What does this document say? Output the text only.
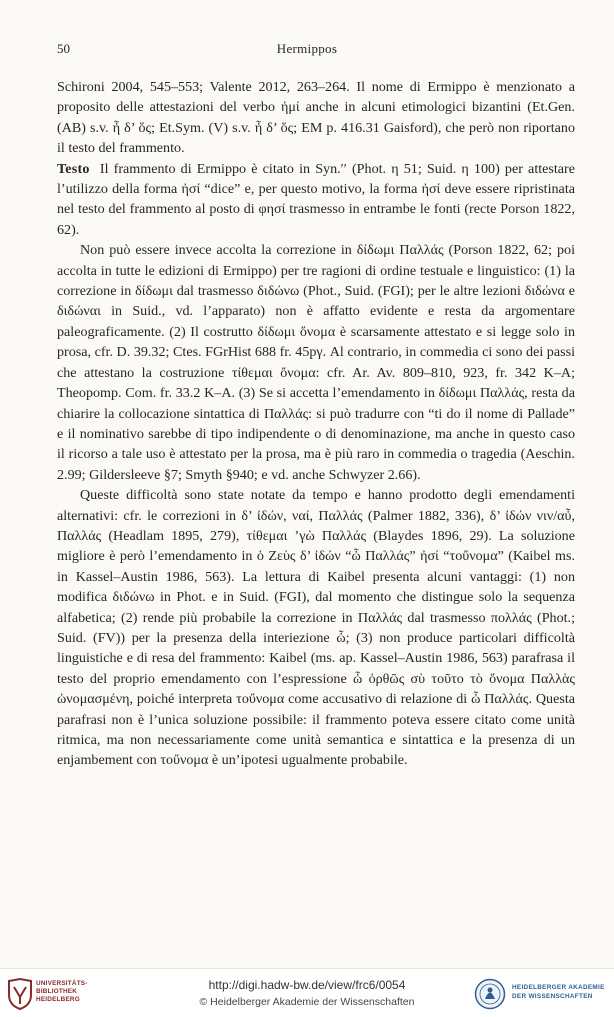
50	Hermippos

Schironi 2004, 545–553; Valente 2012, 263–264. Il nome di Ermippo è menzionato a proposito delle attestazioni del verbo ἠμί anche in alcuni etimologici bizantini (Et.Gen. (AB) s.v. ἦ δ’ ὅς; Et.Sym. (V) s.v. ἦ δ’ ὅς; EM p. 416.31 Gaisford), che però non riportano il testo del frammento.

Testo Il frammento di Ermippo è citato in Syn.′′ (Phot. η 51; Suid. η 100) per attestare l’utilizzo della forma ἠσί “dice” e, per questo motivo, la forma ἠσί deve essere ripristinata nel testo del frammento al posto di φησί trasmesso in entrambe le fonti (recte Porson 1822, 62).

Non può essere invece accolta la correzione in δίδωμι Παλλάς (Porson 1822, 62; poi accolta in tutte le edizioni di Ermippo) per tre ragioni di ordine testuale e linguistico: (1) la correzione in δίδωμι dal trasmesso διδώνω (Phot., Suid. (FGI); per le altre lezioni διδώνα e διδώναι in Suid., vd. l’apparato) non è affatto evidente e resta da argomentare paleograficamente. (2) Il costrutto δίδωμι ὄνομα è scarsamente attestato e si legge solo in prosa, cfr. D. 39.32; Ctes. FGrHist 688 fr. 45pγ. Al contrario, in commedia ci sono dei passi che attestano la costruzione τίθεμαι ὄνομα: cfr. Ar. Av. 809–810, 923, fr. 342 K–A; Theopomp. Com. fr. 33.2 K–A. (3) Se si accetta l’emendamento in δίδωμι Παλλάς, resta da chiarire la collocazione sintattica di Παλλάς: si può tradurre con “ti do il nome di Pallade” e il nominativo sarebbe di tipo indipendente o di denominazione, ma anche in questo caso il ricorso a tale uso è attestato per la prosa, ma è più raro in commedia o tragedia (Aeschin. 2.99; Gildersleeve §7; Smyth §940; e vd. anche Schwyzer 2.66).

Queste difficoltà sono state notate da tempo e hanno prodotto degli emendamenti alternativi: cfr. le correzioni in δ’ ἰδών, ναί, Παλλάς (Palmer 1882, 336), δ’ ἰδών νιν/αὖ, Παλλάς (Headlam 1895, 279), τίθεμαι ’γὼ Παλλάς (Blaydes 1896, 29). La soluzione migliore è però l’emendamento in ὁ Ζεὺς δ’ ἰδών “ὦ Παλλάς” ἠσί “τοὔνομα” (Kaibel ms. in Kassel–Austin 1986, 563). La lettura di Kaibel presenta alcuni vantaggi: (1) non modifica διδώνω in Phot. e in Suid. (FGI), dal momento che distingue solo la sequenza alfabetica; (2) rende più probabile la correzione in Παλλάς dal trasmesso πολλάς (Phot.; Suid. (FV)) per la presenza della interiezione ὦ; (3) non produce particolari difficoltà linguistiche e di resa del frammento: Kaibel (ms. ap. Kassel–Austin 1986, 563) parafrasa il testo del proprio emendamento con l’espressione ὦ ὀρθῶς σὺ τοῦτο τὸ ὄνομα Παλλὰς ὠνομασμένη, poiché interpreta τοὔνομα come accusativo di relazione di ὦ Παλλάς. Questa parafrasi non è l’unica soluzione possibile: il frammento poteva essere citato come unità ritmica, ma non necessariamente come unità semantica e sintattica e la presenza di un enjambement con τοὔνομα è un’ipotesi ugualmente probabile.

UNIVERSITÄTS-
BIBLIOTHEK
HEIDELBERG
http://digi.hadw-bw.de/view/frc6/0054
© Heidelberger Akademie der Wissenschaften
HEIDELBERGER AKADEMIE
DER WISSENSCHAFTEN
